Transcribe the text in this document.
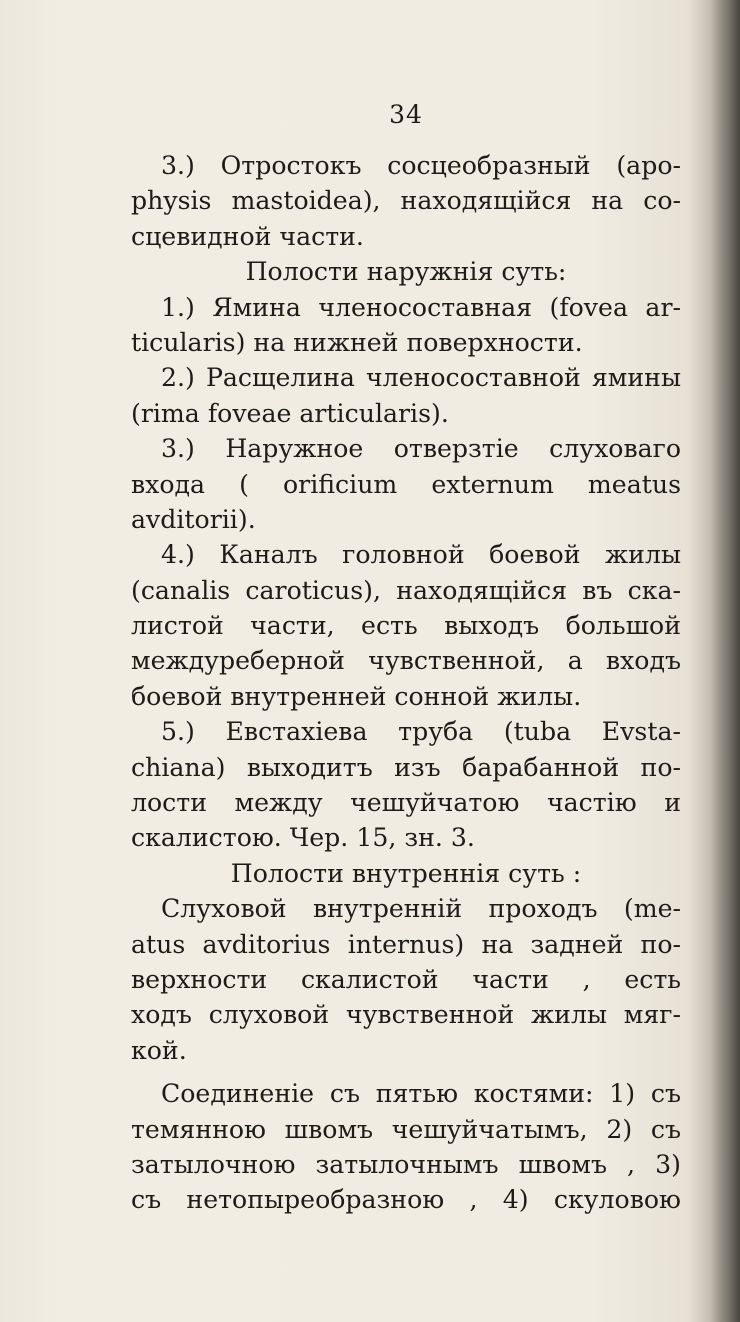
34
3.) Отростокъ сосцеобразный (apo-
physis mastoidea), находящійся на со-
сцевидной части.
Полости наружнія суть:
1.) Ямина членосоставная (fovea ar-
ticularis) на нижней поверхности.
2.) Расщелина членосоставной ямины
(rima foveae articularis).
3.) Наружное отверзтіе слуховаго
входа ( orificium externum meatus
avditorii).
4.) Каналъ головной боевой жилы
(canalis caroticus), находящійся въ ска-
листой части, есть выходъ большой
междуреберной чувственной, а входъ
боевой внутренней сонной жилы.
5.) Евстахіева труба (tuba Evsta-
chiana) выходитъ изъ барабанной по-
лости между чешуйчатою частію и
скалистою. Чер. 15, зн. 3.
Полости внутреннія суть :
Слуховой внутренній проходъ (me-
atus avditorius internus) на задней по-
верхности скалистой части , есть
ходъ слуховой чувственной жилы мяг-
кой.
Соединеніе съ пятью костями: 1) съ
темянною швомъ чешуйчатымъ, 2) съ
затылочною затылочнымъ швомъ , 3)
съ нетопыреобразною , 4) скуловою
